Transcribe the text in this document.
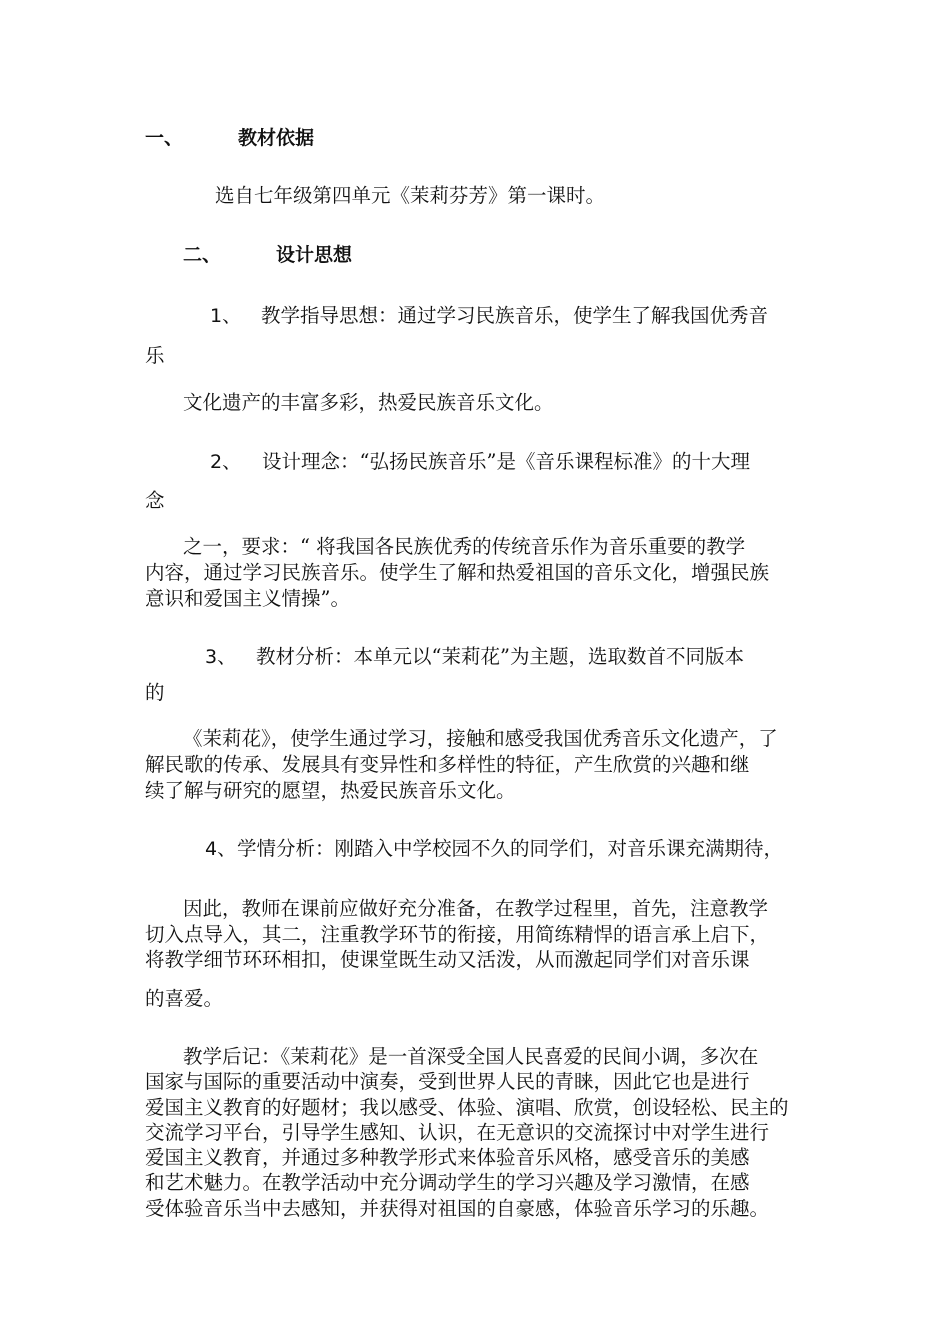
一、	教材依据
选自七年级第四单元《茉莉芬芳》第一课时。
二、	设计思想
1、 教学指导思想：通过学习民族音乐，使学生了解我国优秀音
乐
文化遗产的丰富多彩，热爱民族音乐文化。
2、 设计理念：“弘扬民族音乐”是《音乐课程标准》的十大理
念
之一，要求：“ 将我国各民族优秀的传统音乐作为音乐重要的教学
内容，通过学习民族音乐。使学生了解和热爱祖国的音乐文化，增强民族
意识和爱国主义情操”。
3、 教材分析：本单元以“茉莉花”为主题，选取数首不同版本
的
《茉莉花》，使学生通过学习，接触和感受我国优秀音乐文化遗产，了
解民歌的传承、发展具有变异性和多样性的特征，产生欣赏的兴趣和继
续了解与研究的愿望，热爱民族音乐文化。
4、 学情分析：刚踏入中学校园不久的同学们，对音乐课充满期待，
因此，教师在课前应做好充分准备，在教学过程里，首先，注意教学
切入点导入，其二，注重教学环节的衔接，用简练精悍的语言承上启下，
将教学细节环环相扣，使课堂既生动又活泼，从而激起同学们对音乐课
的喜爱。
教学后记：《茉莉花》是一首深受全国人民喜爱的民间小调，多次在
国家与国际的重要活动中演奏，受到世界人民的青睐，因此它也是进行
爱国主义教育的好题材；我以感受、体验、演唱、欣赏，创设轻松、民主的
交流学习平台，引导学生感知、认识，在无意识的交流探讨中对学生进行
爱国主义教育，并通过多种教学形式来体验音乐风格，感受音乐的美感
和艺术魅力。在教学活动中充分调动学生的学习兴趣及学习激情，在感
受体验音乐当中去感知，并获得对祖国的自豪感，体验音乐学习的乐趣。
